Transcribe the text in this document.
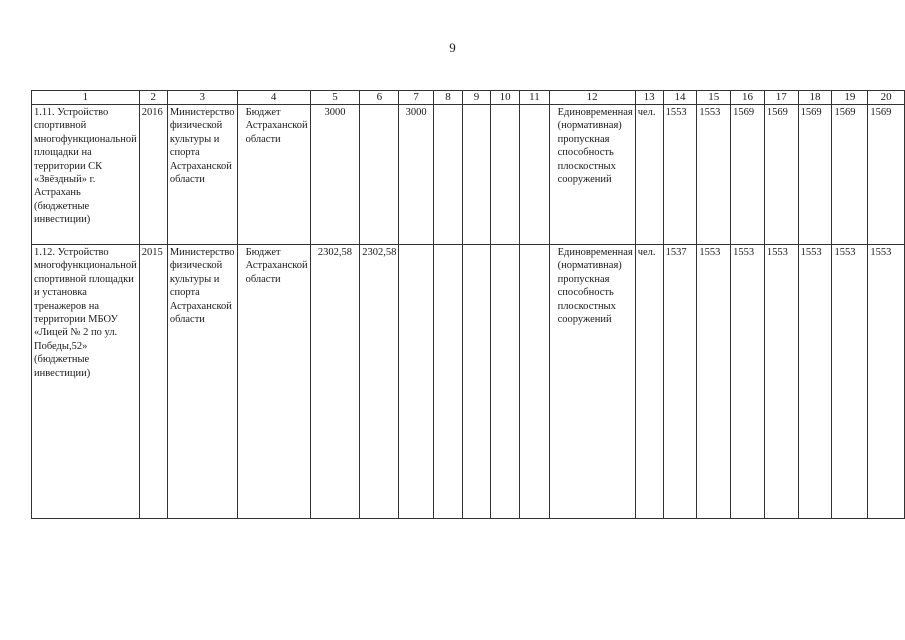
9
1	2	3	4	5	6	7	8	9	10	11	12	13	14	15	16	17	18	19	20
1.11. Устройство спортивной многофункциональной площадки на территории СК «Звёздный» г. Астрахань (бюджетные инвестиции)	2016	Министерство физической культуры и спорта Астраханской области	Бюджет Астраханской области	3000		3000					Единовременная (нормативная) пропускная способность плоскостных сооружений	чел.	1553	1553	1569	1569	1569	1569	1569
1.12. Устройство многофункциональной спортивной площадки и установка тренажеров на территории МБОУ «Лицей № 2 по ул. Победы,52» (бюджетные инвестиции)	2015	Министерство физической культуры и спорта Астраханской области	Бюджет Астраханской области	2302,58	2302,58						Единовременная (нормативная) пропускная способность плоскостных сооружений	чел.	1537	1553	1553	1553	1553	1553	1553
